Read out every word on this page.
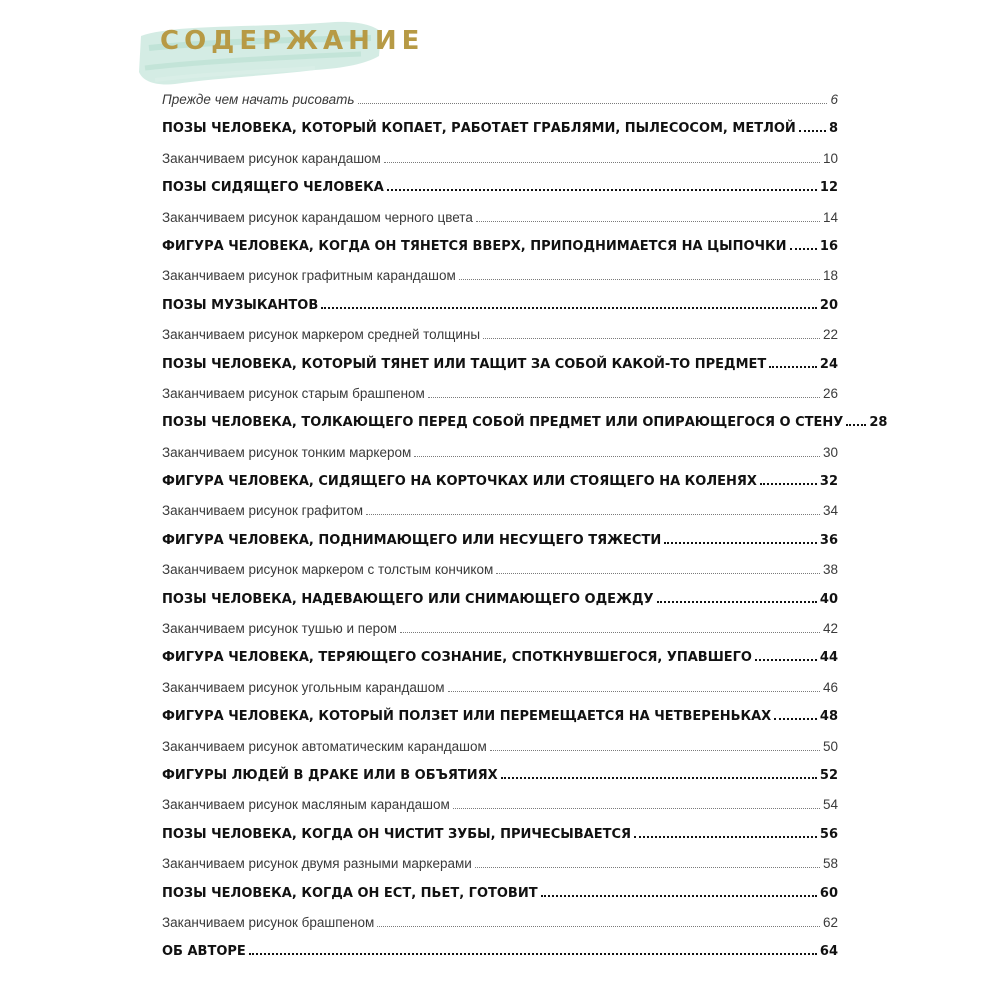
СОДЕРЖАНИЕ
Прежде чем начать рисовать	6
ПОЗЫ ЧЕЛОВЕКА, КОТОРЫЙ КОПАЕТ, РАБОТАЕТ ГРАБЛЯМИ, ПЫЛЕСОСОМ, МЕТЛОЙ	8
Заканчиваем рисунок карандашом	10
ПОЗЫ СИДЯЩЕГО ЧЕЛОВЕКА	12
Заканчиваем рисунок карандашом черного цвета	14
ФИГУРА ЧЕЛОВЕКА, КОГДА ОН ТЯНЕТСЯ ВВЕРХ, ПРИПОДНИМАЕТСЯ НА ЦЫПОЧКИ	16
Заканчиваем рисунок графитным карандашом	18
ПОЗЫ МУЗЫКАНТОВ	20
Заканчиваем рисунок маркером средней толщины	22
ПОЗЫ ЧЕЛОВЕКА, КОТОРЫЙ ТЯНЕТ ИЛИ ТАЩИТ ЗА СОБОЙ КАКОЙ-ТО ПРЕДМЕТ	24
Заканчиваем рисунок старым брашпеном	26
ПОЗЫ ЧЕЛОВЕКА, ТОЛКАЮЩЕГО ПЕРЕД СОБОЙ ПРЕДМЕТ ИЛИ ОПИРАЮЩЕГОСЯ О СТЕНУ 28
Заканчиваем рисунок тонким маркером	30
ФИГУРА ЧЕЛОВЕКА, СИДЯЩЕГО НА КОРТОЧКАХ ИЛИ СТОЯЩЕГО НА КОЛЕНЯХ	32
Заканчиваем рисунок графитом	34
ФИГУРА ЧЕЛОВЕКА, ПОДНИМАЮЩЕГО ИЛИ НЕСУЩЕГО ТЯЖЕСТИ	36
Заканчиваем рисунок маркером с толстым кончиком	38
ПОЗЫ ЧЕЛОВЕКА, НАДЕВАЮЩЕГО ИЛИ СНИМАЮЩЕГО ОДЕЖДУ	40
Заканчиваем рисунок тушью и пером	42
ФИГУРА ЧЕЛОВЕКА, ТЕРЯЮЩЕГО СОЗНАНИЕ, СПОТКНУВШЕГОСЯ, УПАВШЕГО	44
Заканчиваем рисунок угольным карандашом	46
ФИГУРА ЧЕЛОВЕКА, КОТОРЫЙ ПОЛЗЕТ ИЛИ ПЕРЕМЕЩАЕТСЯ НА ЧЕТВЕРЕНЬКАХ	48
Заканчиваем рисунок автоматическим карандашом	50
ФИГУРЫ ЛЮДЕЙ В ДРАКЕ ИЛИ В ОБЪЯТИЯХ	52
Заканчиваем рисунок масляным карандашом	54
ПОЗЫ ЧЕЛОВЕКА, КОГДА ОН ЧИСТИТ ЗУБЫ, ПРИЧЕСЫВАЕТСЯ	56
Заканчиваем рисунок двумя разными маркерами	58
ПОЗЫ ЧЕЛОВЕКА, КОГДА ОН ЕСТ, ПЬЕТ, ГОТОВИТ	60
Заканчиваем рисунок брашпеном	62
ОБ АВТОРЕ	64
